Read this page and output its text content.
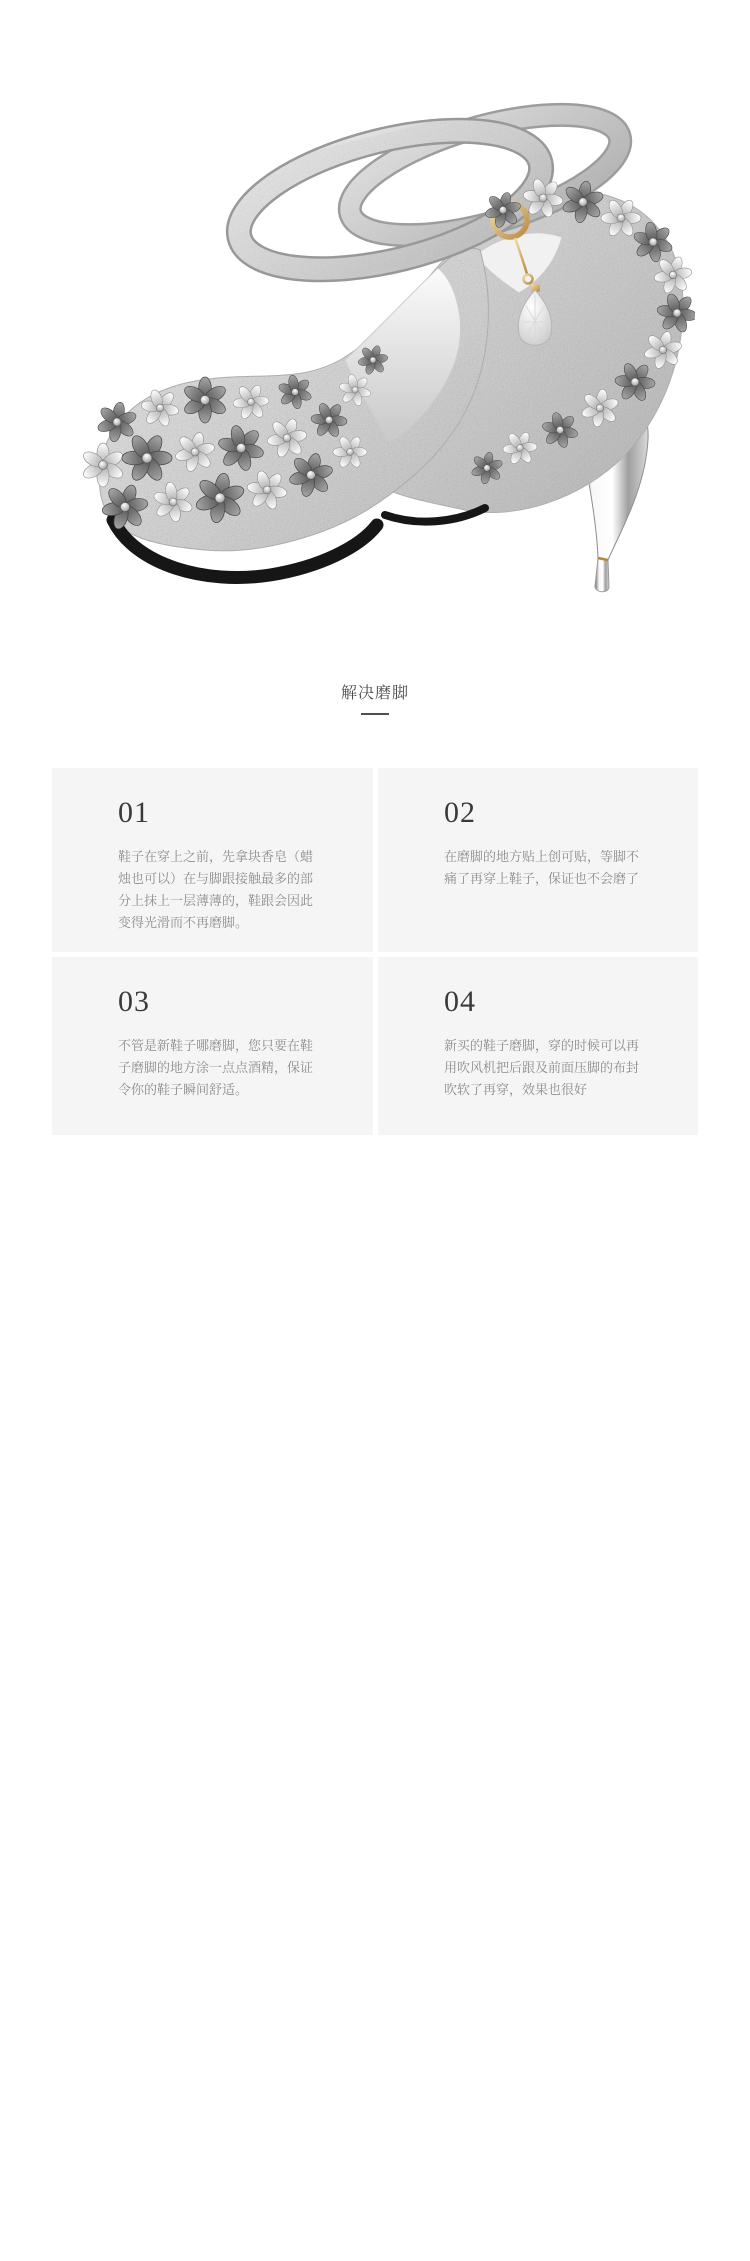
解决磨脚
01

鞋子在穿上之前，先拿块香皂（蜡烛也可以）在与脚跟接触最多的部分上抹上一层薄薄的，鞋跟会因此变得光滑而不再磨脚。

02

在磨脚的地方贴上创可贴，等脚不痛了再穿上鞋子，保证也不会磨了

03

不管是新鞋子哪磨脚，您只要在鞋子磨脚的地方涂一点点酒精，保证令你的鞋子瞬间舒适。

04

新买的鞋子磨脚，穿的时候可以再用吹风机把后跟及前面压脚的布封吹软了再穿，效果也很好
